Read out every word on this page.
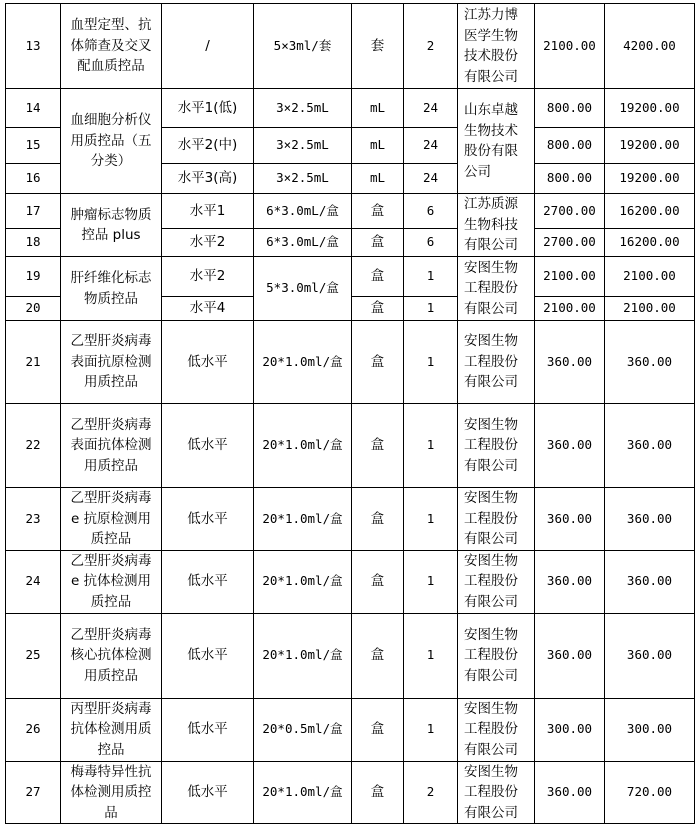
13	血型定型、抗体筛查及交叉配血质控品	/	5×3ml/套	套	2	江苏力博医学生物技术股份有限公司	2100.00	4200.00
14	血细胞分析仪用质控品（五分类）	水平1(低)	3×2.5mL	mL	24	山东卓越生物技术股份有限公司	800.00	19200.00
15		水平2(中)	3×2.5mL	mL	24		800.00	19200.00
16		水平3(高)	3×2.5mL	mL	24		800.00	19200.00
17	肿瘤标志物质控品 plus	水平1	6*3.0mL/盒	盒	6	江苏质源生物科技有限公司	2700.00	16200.00
18		水平2	6*3.0mL/盒	盒	6		2700.00	16200.00
19	肝纤维化标志物质控品	水平2	5*3.0ml/盒	盒	1	安图生物工程股份有限公司	2100.00	2100.00
20		水平4		盒	1		2100.00	2100.00
21	乙型肝炎病毒表面抗原检测用质控品	低水平	20*1.0ml/盒	盒	1	安图生物工程股份有限公司	360.00	360.00
22	乙型肝炎病毒表面抗体检测用质控品	低水平	20*1.0ml/盒	盒	1	安图生物工程股份有限公司	360.00	360.00
23	乙型肝炎病毒 e 抗原检测用质控品	低水平	20*1.0ml/盒	盒	1	安图生物工程股份有限公司	360.00	360.00
24	乙型肝炎病毒 e 抗体检测用质控品	低水平	20*1.0ml/盒	盒	1	安图生物工程股份有限公司	360.00	360.00
25	乙型肝炎病毒核心抗体检测用质控品	低水平	20*1.0ml/盒	盒	1	安图生物工程股份有限公司	360.00	360.00
26	丙型肝炎病毒抗体检测用质控品	低水平	20*0.5ml/盒	盒	1	安图生物工程股份有限公司	300.00	300.00
27	梅毒特异性抗体检测用质控品	低水平	20*1.0ml/盒	盒	2	安图生物工程股份有限公司	360.00	720.00
